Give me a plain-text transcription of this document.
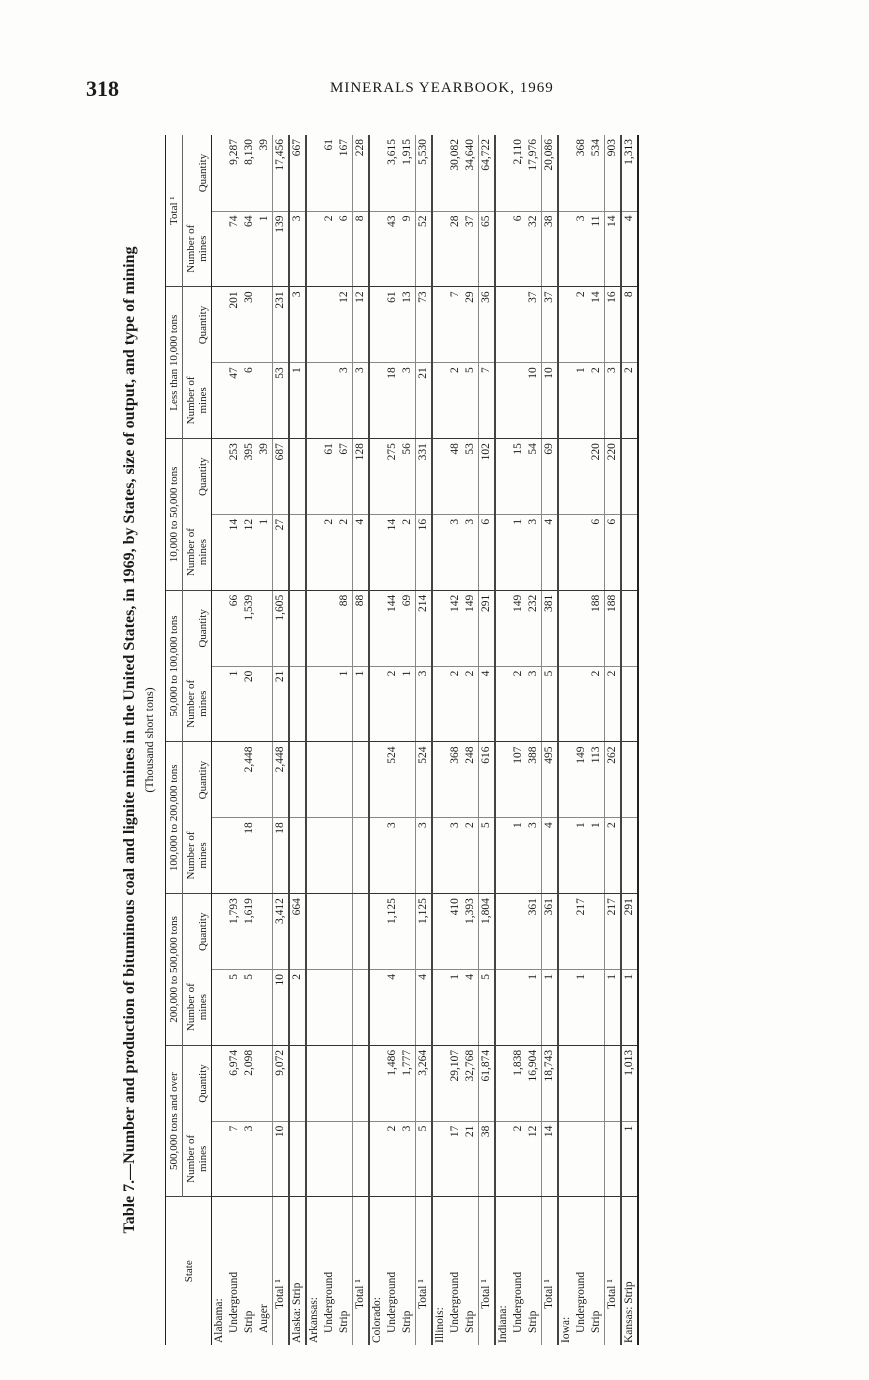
318	MINERALS YEARBOOK, 1969
Table 7.—Number and production of bituminous coal and lignite mines in the United States, in 1969, by States, size of output, and type of mining (Thousand short tons)
State	500,000 tons and over		200,000 to 500,000 tons		100,000 to 200,000 tons		50,000 to 100,000 tons		10,000 to 50,000 tons		Less than 10,000 tons		Total ¹	
	Number of mines	Quantity	Number of mines	Quantity	Number of mines	Quantity	Number of mines	Quantity	Number of mines	Quantity	Number of mines	Quantity	Number of mines	Quantity
Alabama:														
Underground	7	6,974	5	1,793			1	66	14	253	47	201	74	9,287
Strip	3	2,098	5	1,619	18	2,448	20	1,539	12	395	6	30	64	8,130
Auger									1	39			1	39
Total ¹	10	9,072	10	3,412	18	2,448	21	1,605	27	687	53	231	139	17,456
Alaska: Strip			2	664							1	3	3	667
Arkansas:														
Underground									2	61			2	61
Strip							1	88	2	67	3	12	6	167
Total ¹							1	88	4	128	3	12	8	228
Colorado:														
Underground	2	1,486	4	1,125	3	524	2	144	14	275	18	61	43	3,615
Strip	3	1,777					1	69	2	56	3	13	9	1,915
Total ¹	5	3,264	4	1,125	3	524	3	214	16	331	21	73	52	5,530
Illinois:														
Underground	17	29,107	1	410	3	368	2	142	3	48	2	7	28	30,082
Strip	21	32,768	4	1,393	2	248	2	149	3	53	5	29	37	34,640
Total ¹	38	61,874	5	1,804	5	616	4	291	6	102	7	36	65	64,722
Indiana:														
Underground	2	1,838			1	107	2	149	1	15			6	2,110
Strip	12	16,904	1	361	3	388	3	232	3	54	10	37	32	17,976
Total ¹	14	18,743	1	361	4	495	5	381	4	69	10	37	38	20,086
Iowa:														
Underground			1	217	1	149					1	2	3	368
Strip					1	113	2	188	6	220	2	14	11	534
Total ¹			1	217	2	262	2	188	6	220	3	16	14	903
Kansas: Strip	1	1,013	1	291							2	8	4	1,313
